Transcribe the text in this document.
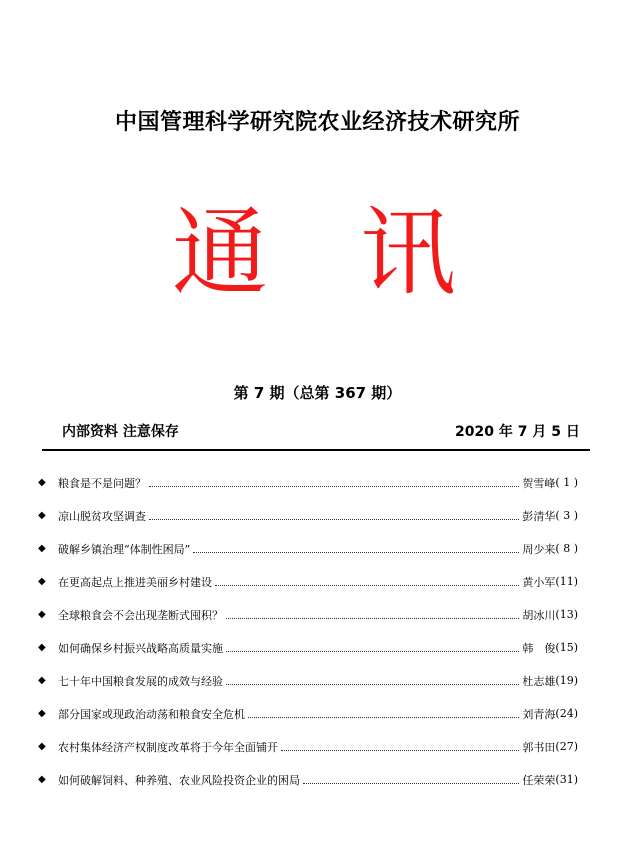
中国管理科学研究院农业经济技术研究所
通 讯
第 7 期（总第 367 期）
内部资料 注意保存	2020 年 7 月 5 日
◆	粮食是不是问题？	贺雪峰 ( 1 )
◆	凉山脱贫攻坚调查	彭清华 ( 3 )
◆	破解乡镇治理“体制性困局”	周少来 ( 8 )
◆	在更高起点上推进美丽乡村建设	黄小军 (11)
◆	全球粮食会不会出现垄断式囤积？	胡冰川 (13)
◆	如何确保乡村振兴战略高质量实施	韩　俊 (15)
◆	七十年中国粮食发展的成效与经验	杜志雄 (19)
◆	部分国家或现政治动荡和粮食安全危机	刘青海 (24)
◆	农村集体经济产权制度改革将于今年全面铺开	郭书田 (27)
◆	如何破解饲料、种养殖、农业风险投资企业的困局	任荣荣 (31)
